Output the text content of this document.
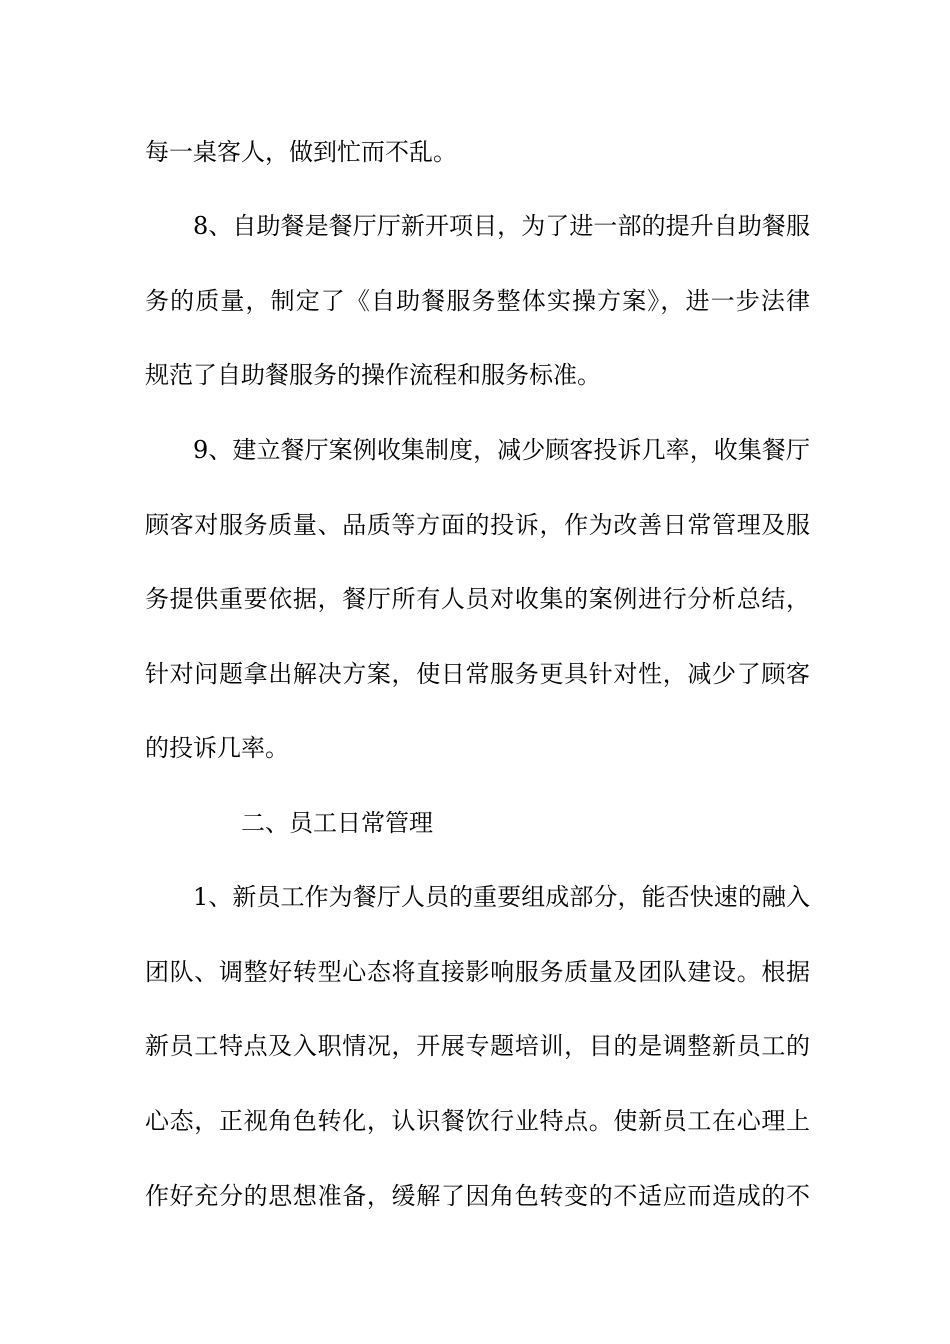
每一桌客人，做到忙而不乱。
8、自助餐是餐厅厅新开项目，为了进一部的提升自助餐服
务的质量，制定了《自助餐服务整体实操方案》，进一步法律
规范了自助餐服务的操作流程和服务标准。
9、建立餐厅案例收集制度，减少顾客投诉几率，收集餐厅
顾客对服务质量、品质等方面的投诉，作为改善日常管理及服
务提供重要依据，餐厅所有人员对收集的案例进行分析总结，
针对问题拿出解决方案，使日常服务更具针对性，减少了顾客
的投诉几率。
二、员工日常管理
1、新员工作为餐厅人员的重要组成部分，能否快速的融入
团队、调整好转型心态将直接影响服务质量及团队建设。根据
新员工特点及入职情况，开展专题培训，目的是调整新员工的
心态，正视角色转化，认识餐饮行业特点。使新员工在心理上
作好充分的思想准备，缓解了因角色转变的不适应而造成的不
